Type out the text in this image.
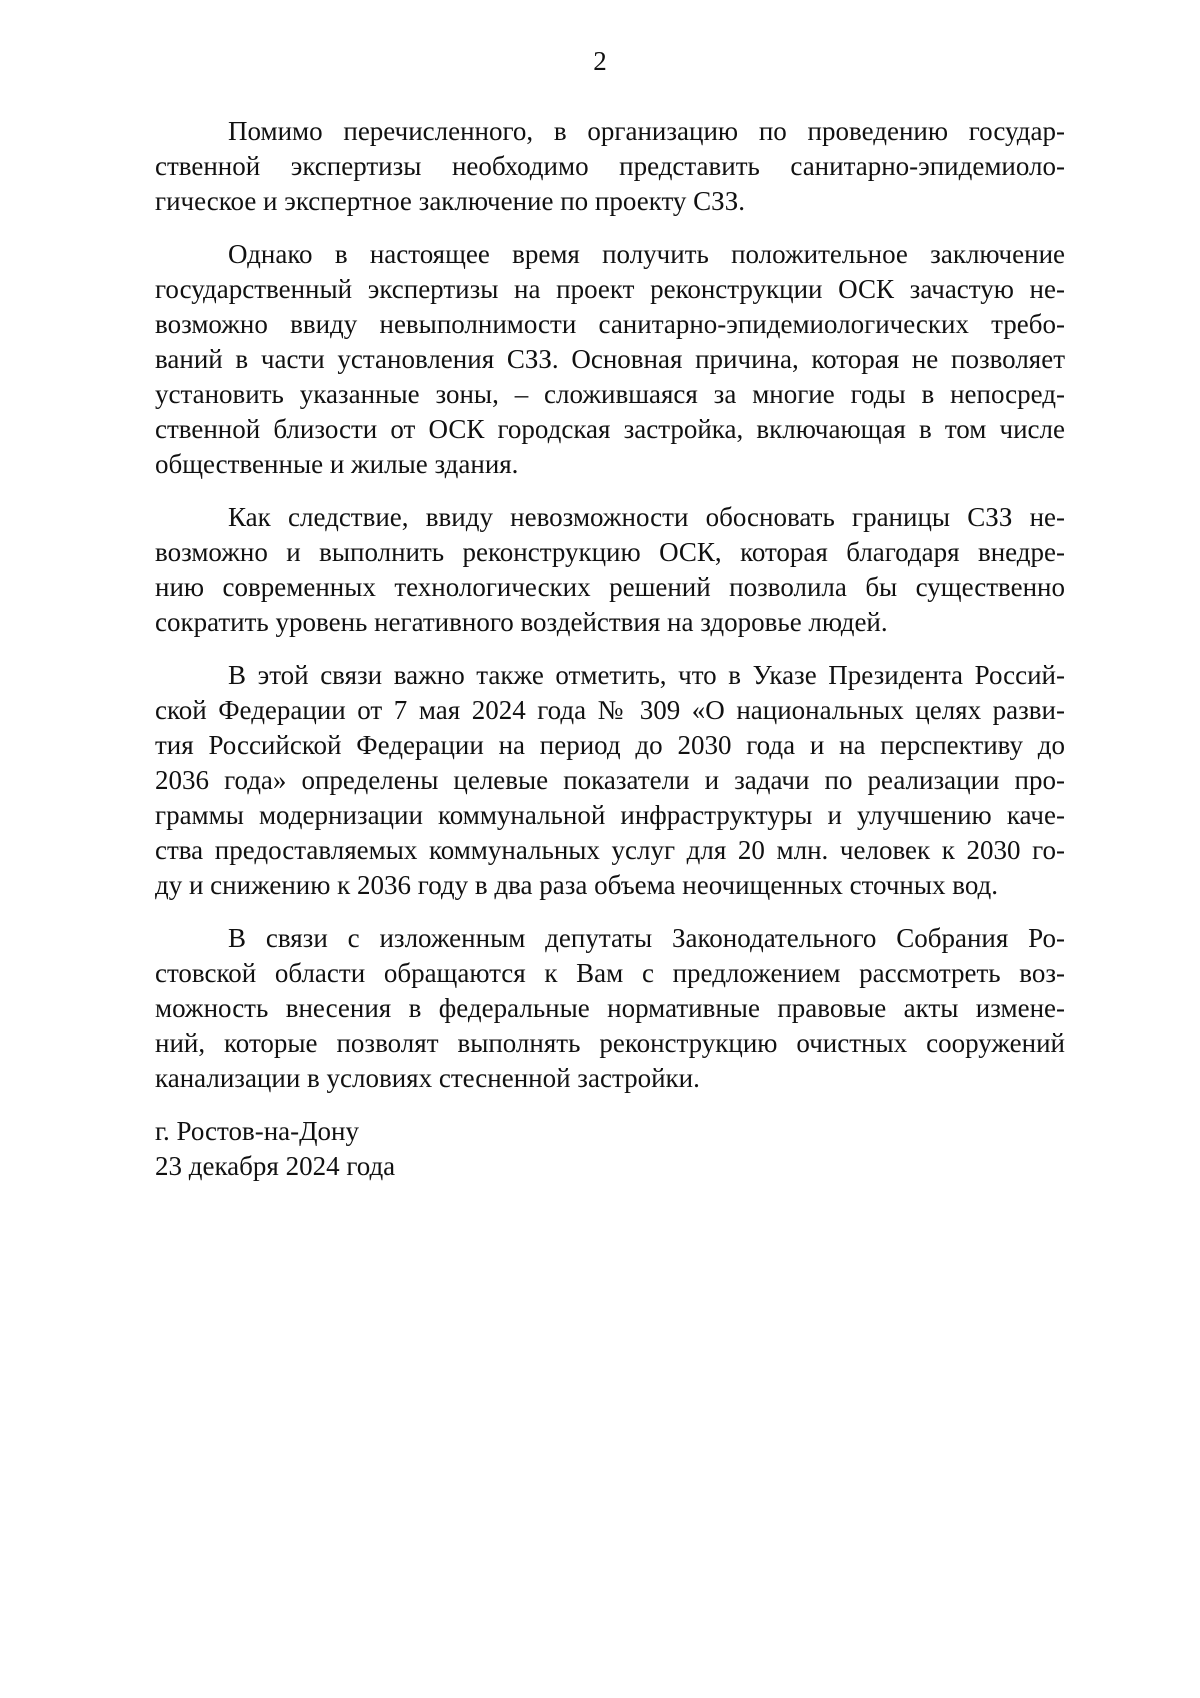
2
Помимо перечисленного, в организацию по проведению государ-
ственной экспертизы необходимо представить санитарно-эпидемиоло-
гическое и экспертное заключение по проекту СЗЗ.
Однако в настоящее время получить положительное заключение
государственный экспертизы на проект реконструкции ОСК зачастую не-
возможно ввиду невыполнимости санитарно-эпидемиологических требо-
ваний в части установления СЗЗ. Основная причина, которая не позволяет
установить указанные зоны, – сложившаяся за многие годы в непосред-
ственной близости от ОСК городская застройка, включающая в том числе
общественные и жилые здания.
Как следствие, ввиду невозможности обосновать границы СЗЗ не-
возможно и выполнить реконструкцию ОСК, которая благодаря внедре-
нию современных технологических решений позволила бы существенно
сократить уровень негативного воздействия на здоровье людей.
В этой связи важно также отметить, что в Указе Президента Россий-
ской Федерации от 7 мая 2024 года № 309 «О национальных целях разви-
тия Российской Федерации на период до 2030 года и на перспективу до
2036 года» определены целевые показатели и задачи по реализации про-
граммы модернизации коммунальной инфраструктуры и улучшению каче-
ства предоставляемых коммунальных услуг для 20 млн. человек к 2030 го-
ду и снижению к 2036 году в два раза объема неочищенных сточных вод.
В связи с изложенным депутаты Законодательного Собрания Ро-
стовской области обращаются к Вам с предложением рассмотреть воз-
можность внесения в федеральные нормативные правовые акты изменe-
ний, которые позволят выполнять реконструкцию очистных сооружений
канализации в условиях стесненной застройки.
г. Ростов-на-Дону
23 декабря 2024 года
